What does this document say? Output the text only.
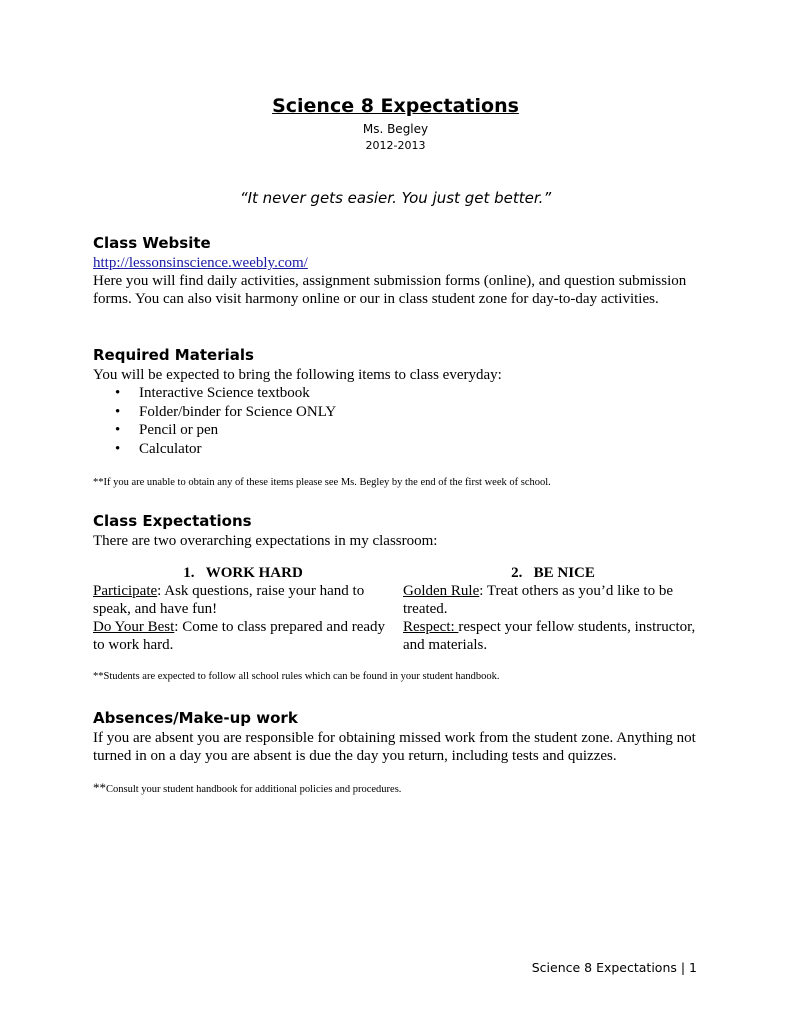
Science 8 Expectations
Ms. Begley
2012-2013
“It never gets easier. You just get better.”
Class Website
http://lessonsinscience.weebly.com/

Here you will find daily activities, assignment submission forms (online), and question submission forms. You can also visit harmony online or our in class student zone for day-to-day activities.

Required Materials

You will be expected to bring the following items to class everyday:

• Interactive Science textbook
• Folder/binder for Science ONLY
• Pencil or pen
• Calculator

**If you are unable to obtain any of these items please see Ms. Begley by the end of the first week of school.

Class Expectations

There are two overarching expectations in my classroom:

1. WORK HARD

Participate: Ask questions, raise your hand to speak, and have fun!

Do Your Best: Come to class prepared and ready to work hard.

2. BE NICE

Golden Rule: Treat others as you’d like to be treated.

Respect: respect your fellow students, instructor, and materials.

**Students are expected to follow all school rules which can be found in your student handbook.

Absences/Make-up work

If you are absent you are responsible for obtaining missed work from the student zone. Anything not turned in on a day you are absent is due the day you return, including tests and quizzes.

**Consult your student handbook for additional policies and procedures.

Science 8 Expectations | 1
